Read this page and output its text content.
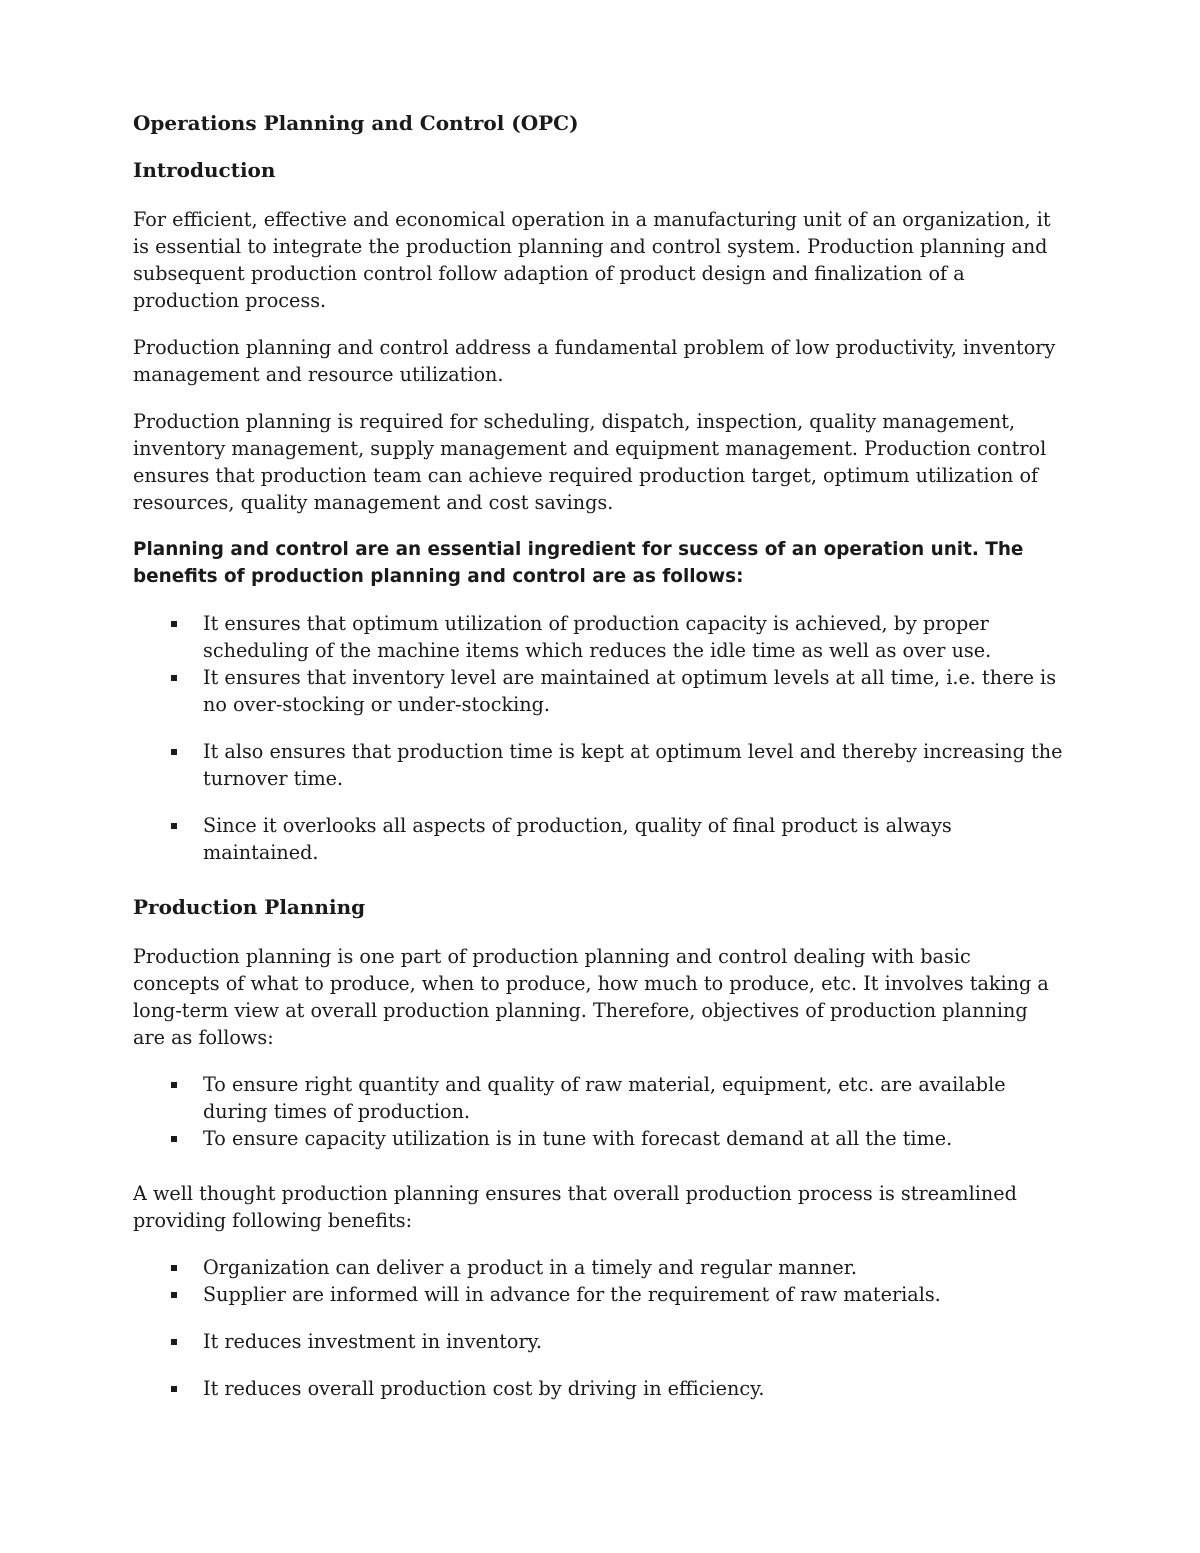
Operations Planning and Control (OPC)
Introduction

For efficient, effective and economical operation in a manufacturing unit of an organization, it is essential to integrate the production planning and control system. Production planning and subsequent production control follow adaption of product design and finalization of a production process.

Production planning and control address a fundamental problem of low productivity, inventory management and resource utilization.

Production planning is required for scheduling, dispatch, inspection, quality management, inventory management, supply management and equipment management. Production control ensures that production team can achieve required production target, optimum utilization of resources, quality management and cost savings.

Planning and control are an essential ingredient for success of an operation unit. The benefits of production planning and control are as follows:

It ensures that optimum utilization of production capacity is achieved, by proper scheduling of the machine items which reduces the idle time as well as over use.
It ensures that inventory level are maintained at optimum levels at all time, i.e. there is no over-stocking or under-stocking.
It also ensures that production time is kept at optimum level and thereby increasing the turnover time.
Since it overlooks all aspects of production, quality of final product is always maintained.
Production Planning

Production planning is one part of production planning and control dealing with basic concepts of what to produce, when to produce, how much to produce, etc. It involves taking a long-term view at overall production planning. Therefore, objectives of production planning are as follows:

To ensure right quantity and quality of raw material, equipment, etc. are available during times of production.
To ensure capacity utilization is in tune with forecast demand at all the time.

A well thought production planning ensures that overall production process is streamlined providing following benefits:

Organization can deliver a product in a timely and regular manner.
Supplier are informed will in advance for the requirement of raw materials.
It reduces investment in inventory.
It reduces overall production cost by driving in efficiency.
